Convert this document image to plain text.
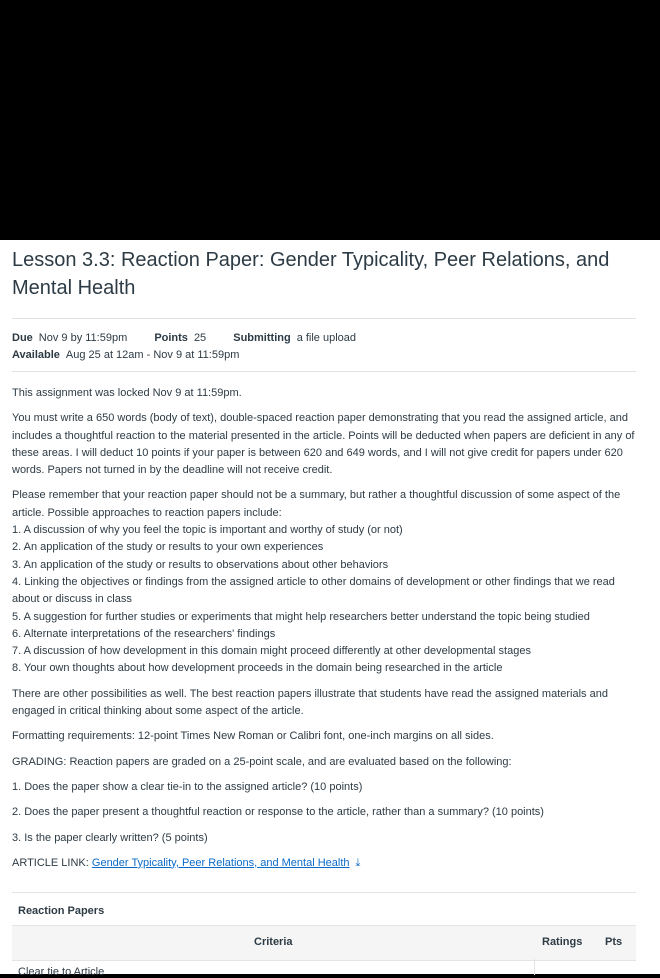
Lesson 3.3: Reaction Paper: Gender Typicality, Peer Relations, and Mental Health
Due Nov 9 by 11:59pm Points 25 Submitting a file upload
Available Aug 25 at 12am - Nov 9 at 11:59pm

This assignment was locked Nov 9 at 11:59pm.

You must write a 650 words (body of text), double-spaced reaction paper demonstrating that you read the assigned article, and includes a thoughtful reaction to the material presented in the article. Points will be deducted when papers are deficient in any of these areas. I will deduct 10 points if your paper is between 620 and 649 words, and I will not give credit for papers under 620 words. Papers not turned in by the deadline will not receive credit.

Please remember that your reaction paper should not be a summary, but rather a thoughtful discussion of some aspect of the article. Possible approaches to reaction papers include:
1. A discussion of why you feel the topic is important and worthy of study (or not)
2. An application of the study or results to your own experiences
3. An application of the study or results to observations about other behaviors
4. Linking the objectives or findings from the assigned article to other domains of development or other findings that we read about or discuss in class
5. A suggestion for further studies or experiments that might help researchers better understand the topic being studied
6. Alternate interpretations of the researchers' findings
7. A discussion of how development in this domain might proceed differently at other developmental stages
8. Your own thoughts about how development proceeds in the domain being researched in the article

There are other possibilities as well. The best reaction papers illustrate that students have read the assigned materials and engaged in critical thinking about some aspect of the article.

Formatting requirements: 12-point Times New Roman or Calibri font, one-inch margins on all sides.

GRADING: Reaction papers are graded on a 25-point scale, and are evaluated based on the following:

1. Does the paper show a clear tie-in to the assigned article? (10 points)

2. Does the paper present a thoughtful reaction or response to the article, rather than a summary? (10 points)

3. Is the paper clearly written? (5 points)

ARTICLE LINK: Gender Typicality, Peer Relations, and Mental Health ⤓

Reaction Papers
Criteria	Ratings Pts
Clear tie to Article
